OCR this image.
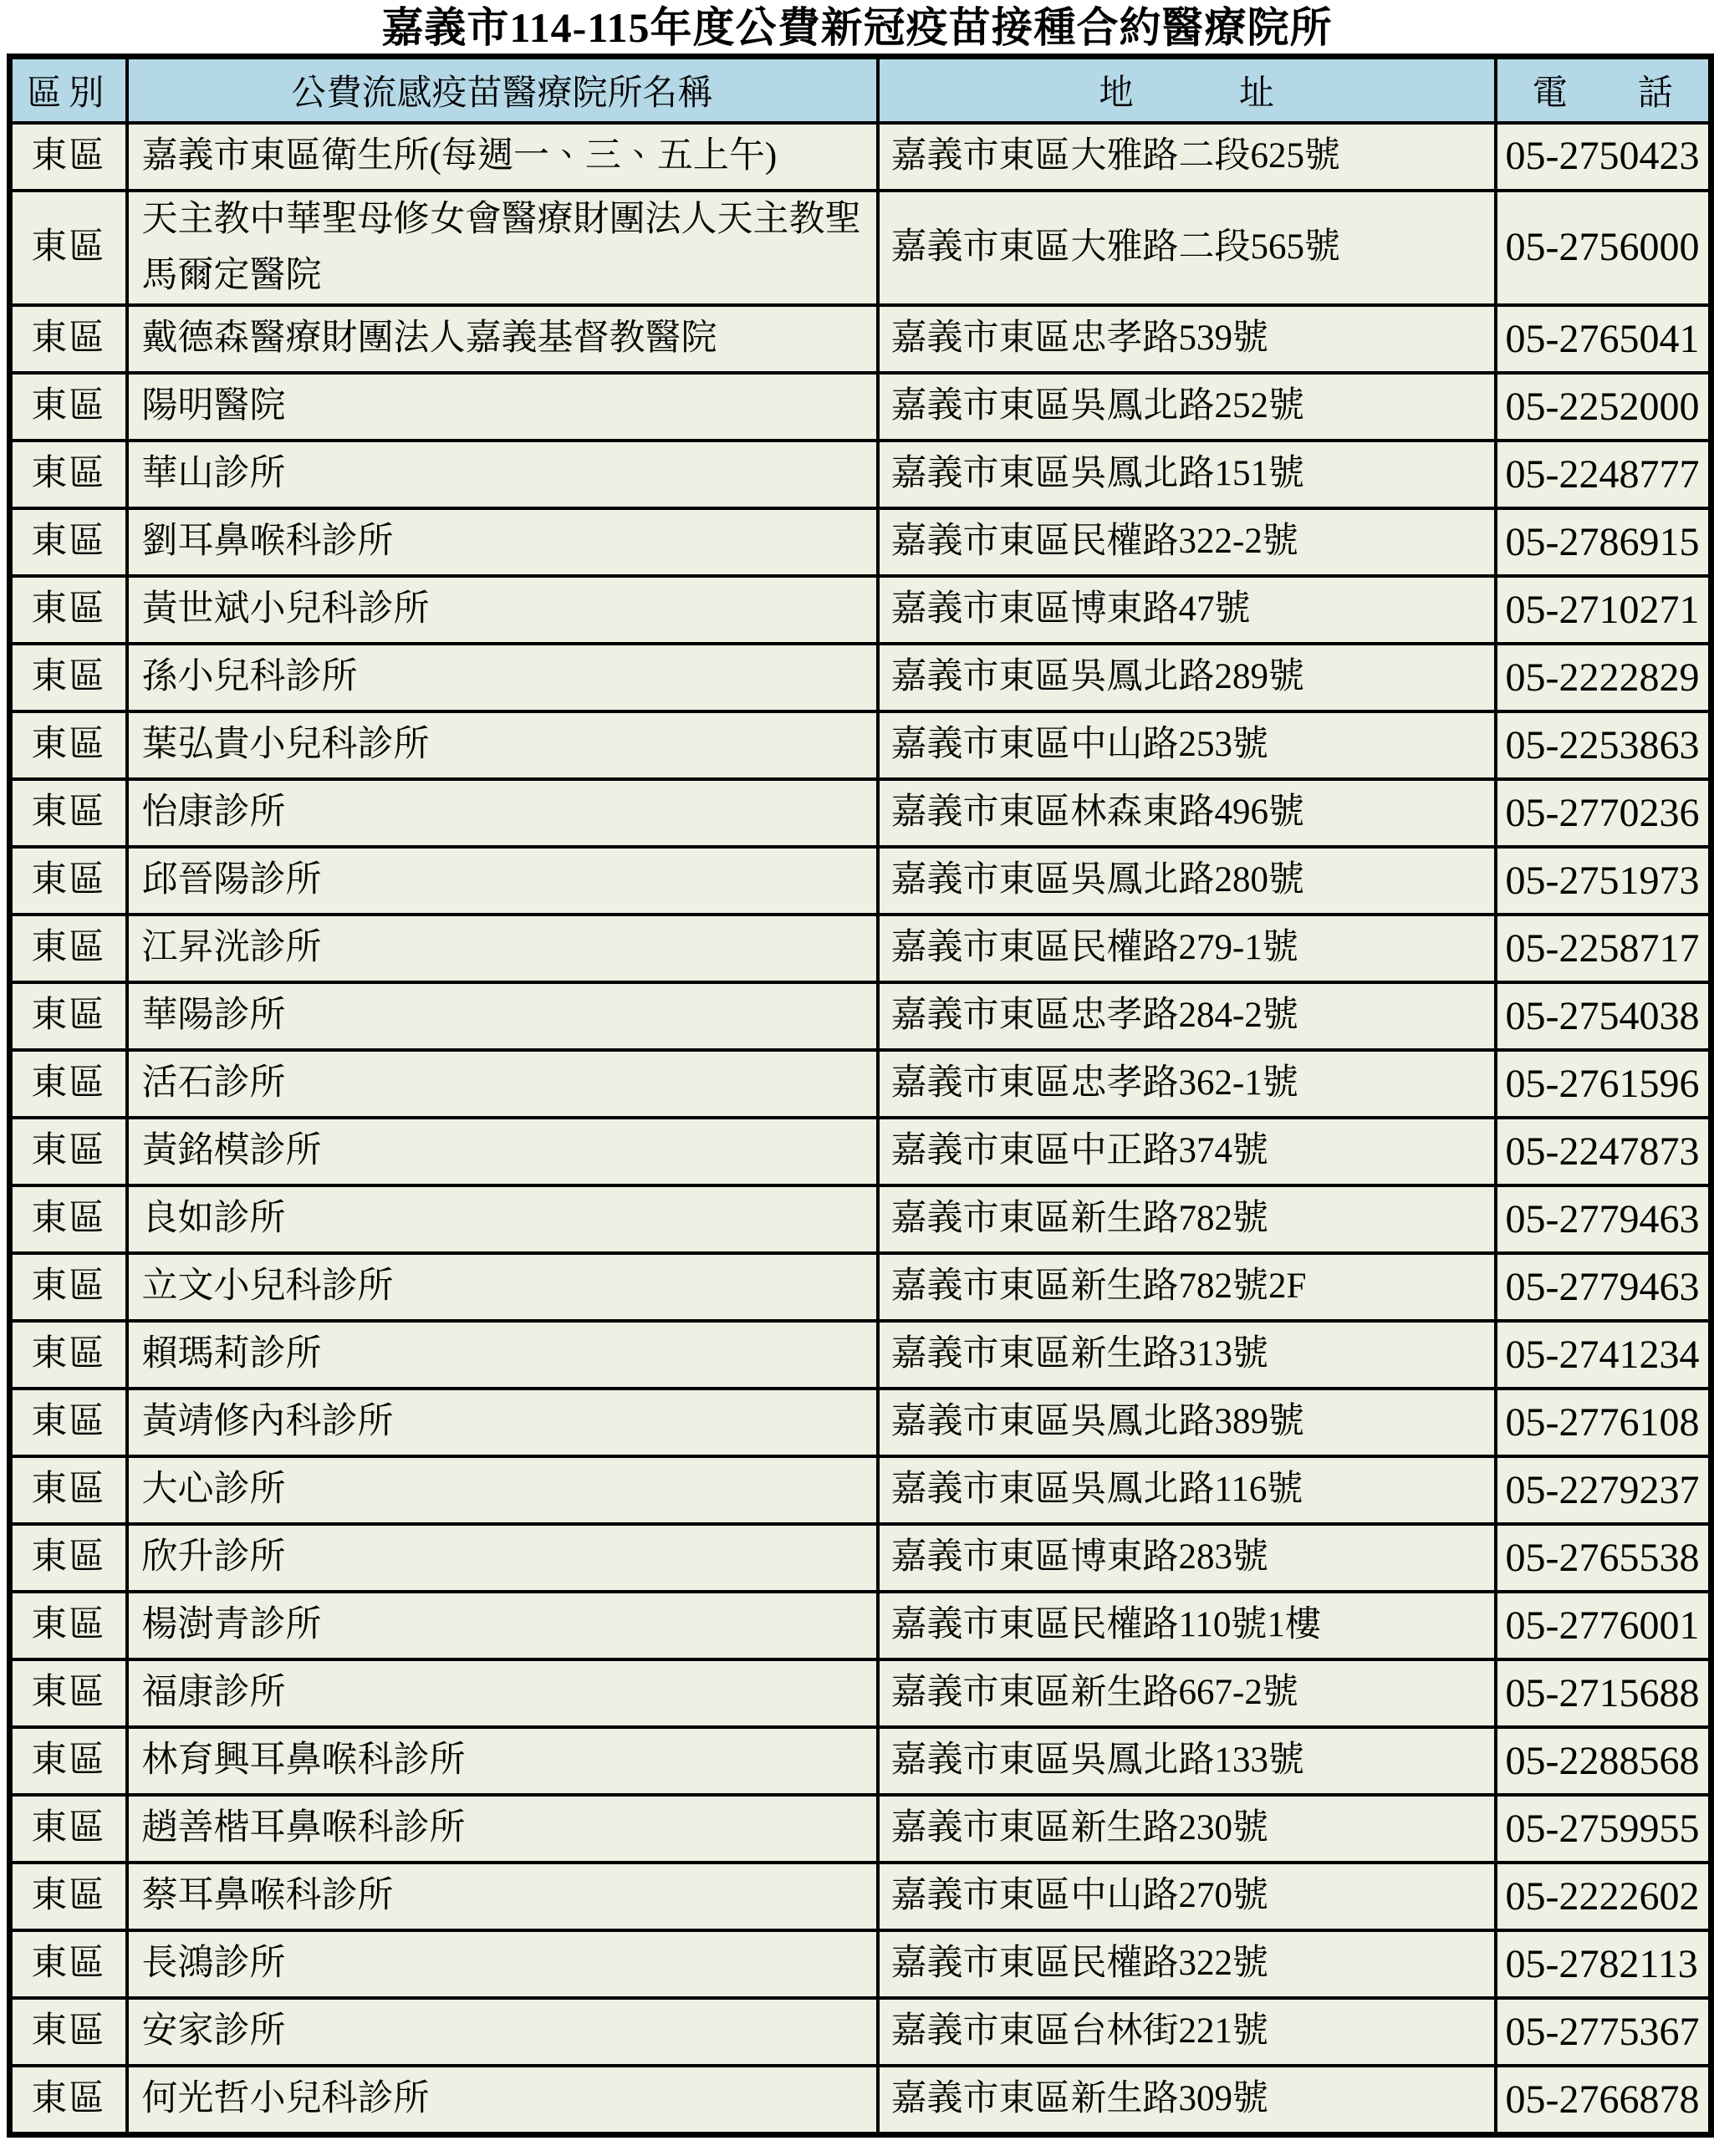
嘉義市114-115年度公費新冠疫苗接種合約醫療院所
區別	公費流感疫苗醫療院所名稱	地　　　址	電　　話
東區	嘉義市東區衛生所(每週一、三、五上午)	嘉義市東區大雅路二段625號	05-2750423
東區	天主教中華聖母修女會醫療財團法人天主教聖馬爾定醫院	嘉義市東區大雅路二段565號	05-2756000
東區	戴德森醫療財團法人嘉義基督教醫院	嘉義市東區忠孝路539號	05-2765041
東區	陽明醫院	嘉義市東區吳鳳北路252號	05-2252000
東區	華山診所	嘉義市東區吳鳳北路151號	05-2248777
東區	劉耳鼻喉科診所	嘉義市東區民權路322-2號	05-2786915
東區	黃世斌小兒科診所	嘉義市東區博東路47號	05-2710271
東區	孫小兒科診所	嘉義市東區吳鳳北路289號	05-2222829
東區	葉弘貴小兒科診所	嘉義市東區中山路253號	05-2253863
東區	怡康診所	嘉義市東區林森東路496號	05-2770236
東區	邱晉陽診所	嘉義市東區吳鳳北路280號	05-2751973
東區	江昇洸診所	嘉義市東區民權路279-1號	05-2258717
東區	華陽診所	嘉義市東區忠孝路284-2號	05-2754038
東區	活石診所	嘉義市東區忠孝路362-1號	05-2761596
東區	黃銘模診所	嘉義市東區中正路374號	05-2247873
東區	良如診所	嘉義市東區新生路782號	05-2779463
東區	立文小兒科診所	嘉義市東區新生路782號2F	05-2779463
東區	賴瑪莉診所	嘉義市東區新生路313號	05-2741234
東區	黃靖修內科診所	嘉義市東區吳鳳北路389號	05-2776108
東區	大心診所	嘉義市東區吳鳳北路116號	05-2279237
東區	欣升診所	嘉義市東區博東路283號	05-2765538
東區	楊澍青診所	嘉義市東區民權路110號1樓	05-2776001
東區	福康診所	嘉義市東區新生路667-2號	05-2715688
東區	林育興耳鼻喉科診所	嘉義市東區吳鳳北路133號	05-2288568
東區	趙善楷耳鼻喉科診所	嘉義市東區新生路230號	05-2759955
東區	蔡耳鼻喉科診所	嘉義市東區中山路270號	05-2222602
東區	長鴻診所	嘉義市東區民權路322號	05-2782113
東區	安家診所	嘉義市東區台林街221號	05-2775367
東區	何光哲小兒科診所	嘉義市東區新生路309號	05-2766878
